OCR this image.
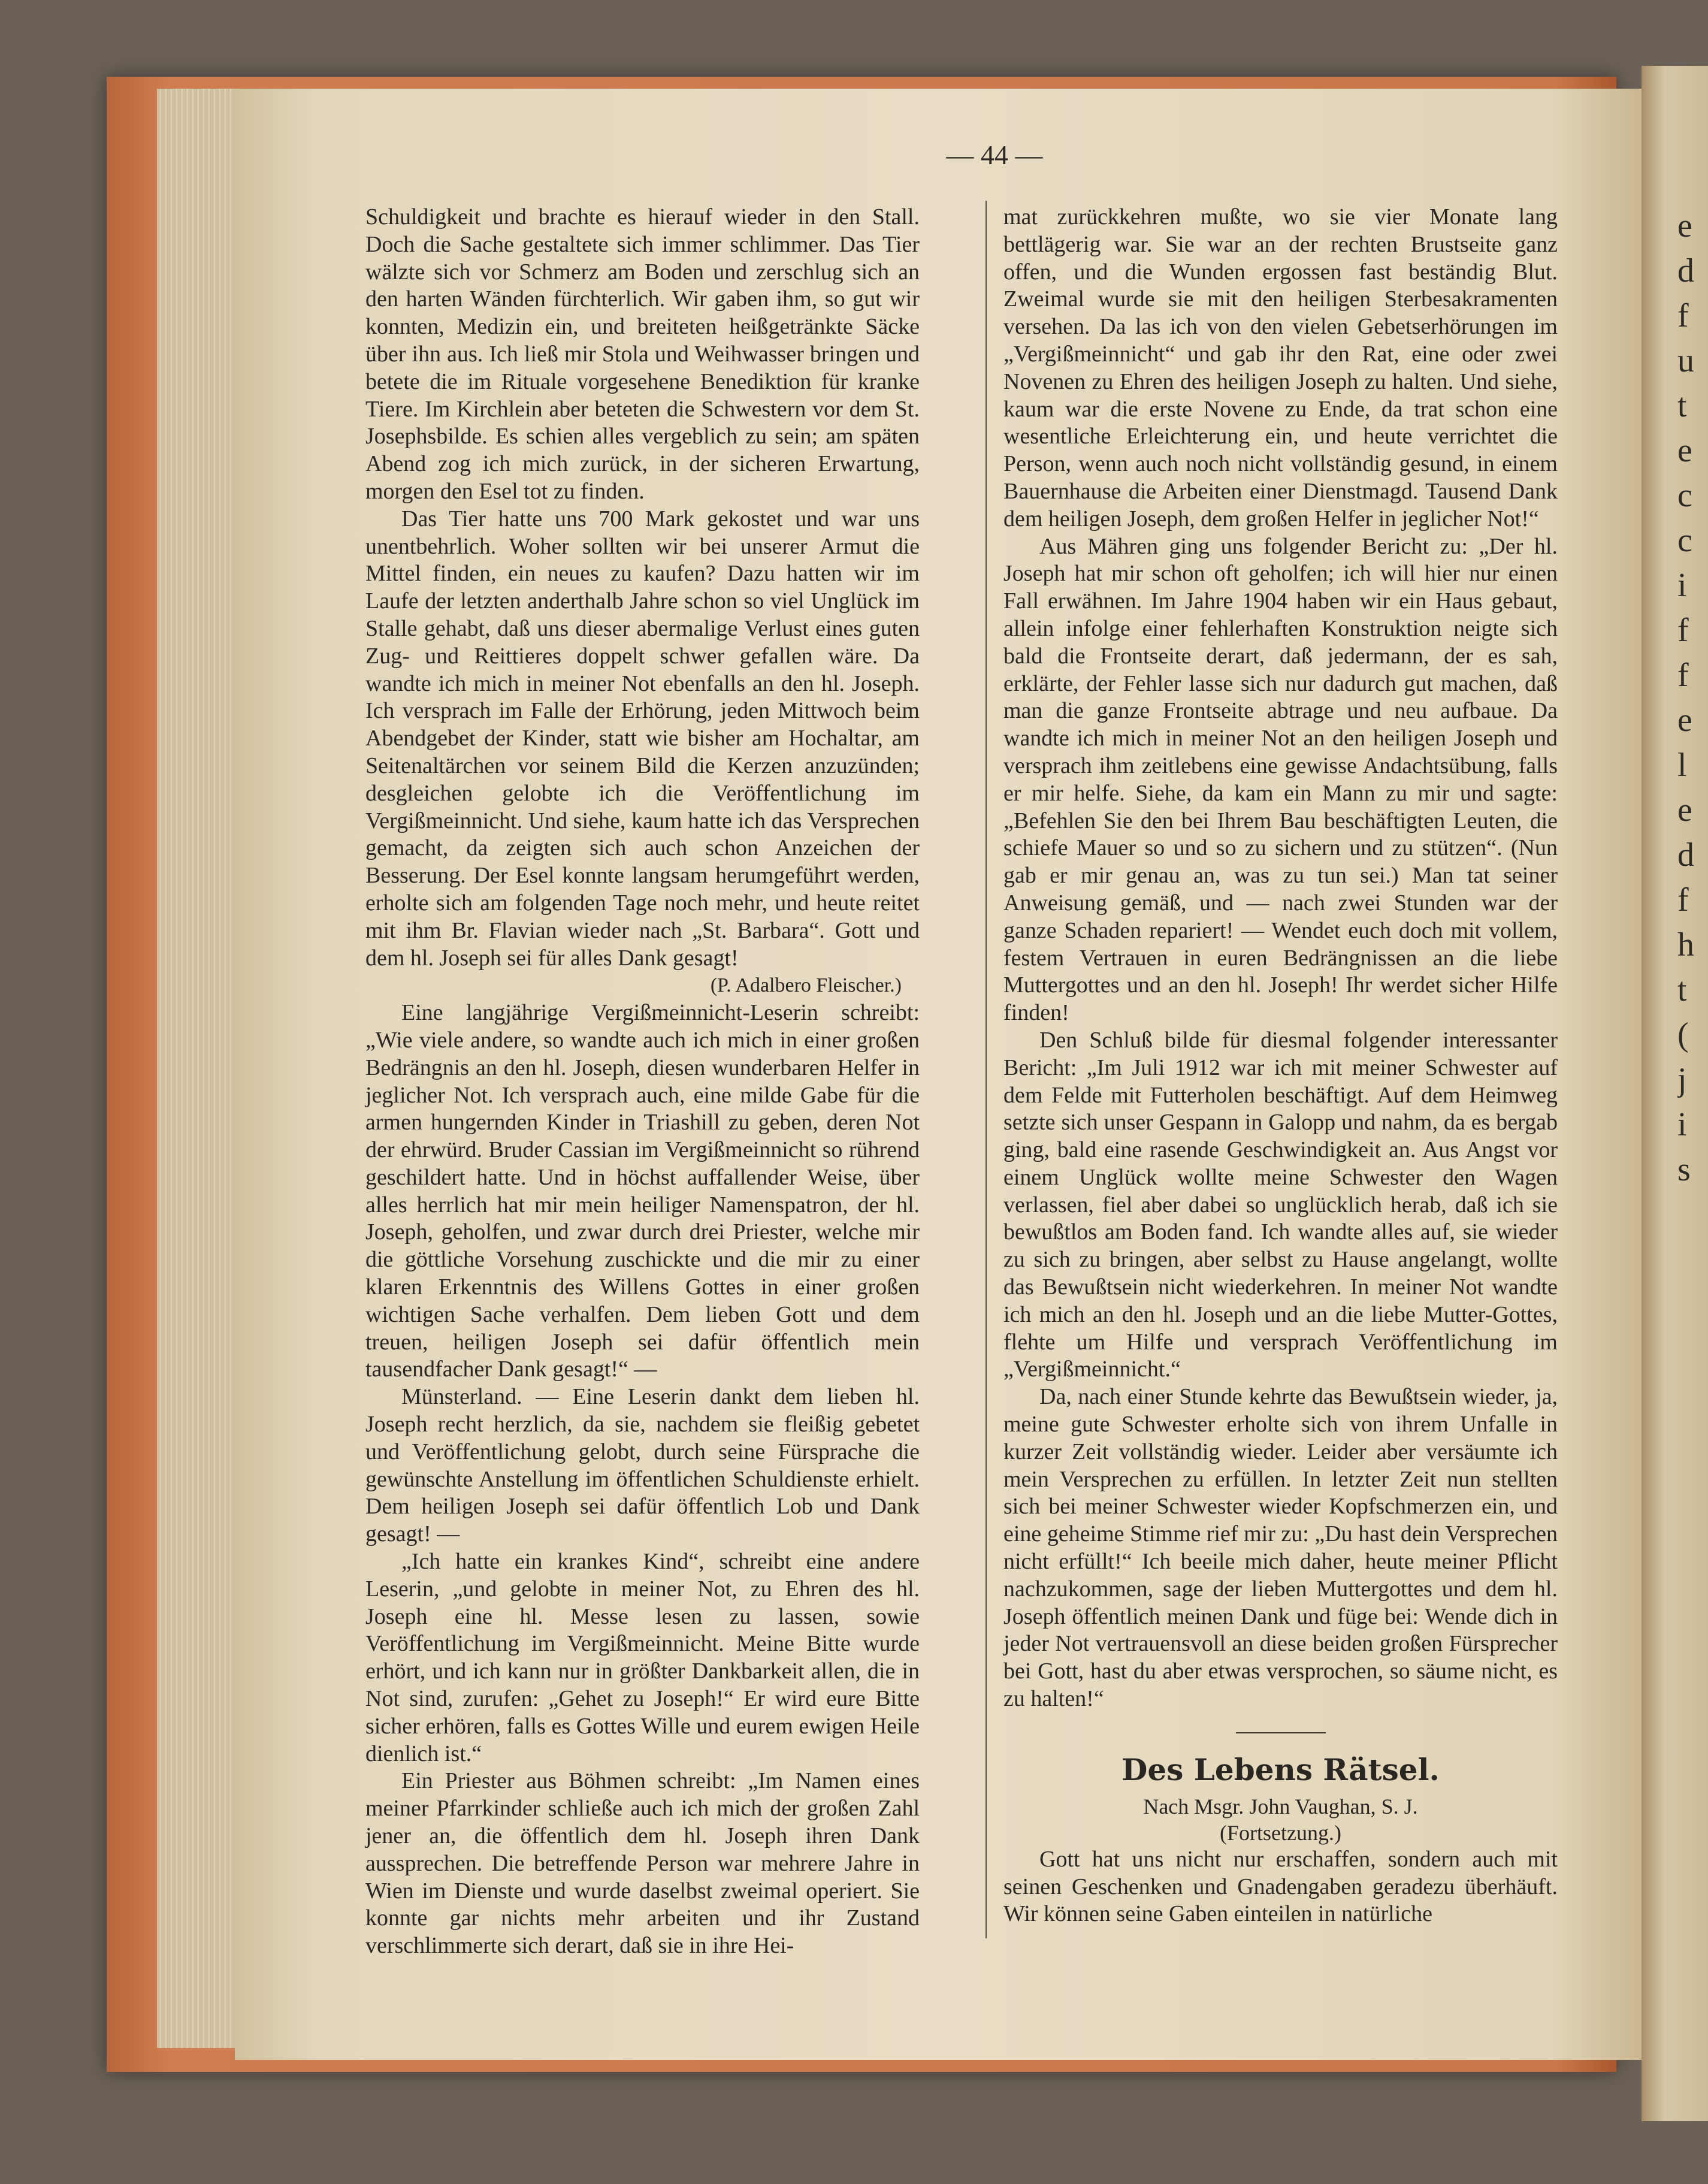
e
d
f
u
t
e
c
c
i
f
f
e
l
e
d
f
h
t
(
j
i
s
— 44 —

Schuldigkeit und brachte es hierauf wieder in den Stall. Doch die Sache gestaltete sich immer schlimmer. Das Tier wälzte sich vor Schmerz am Boden und zerschlug sich an den harten Wänden fürchterlich. Wir gaben ihm, so gut wir konnten, Medizin ein, und breiteten heißgetränkte Säcke über ihn aus. Ich ließ mir Stola und Weihwasser bringen und betete die im Rituale vorgesehene Benediktion für kranke Tiere. Im Kirchlein aber beteten die Schwestern vor dem St. Josephsbilde. Es schien alles vergeblich zu sein; am späten Abend zog ich mich zurück, in der sicheren Erwartung, morgen den Esel tot zu finden.

Das Tier hatte uns 700 Mark gekostet und war uns unentbehrlich. Woher sollten wir bei unserer Armut die Mittel finden, ein neues zu kaufen? Dazu hatten wir im Laufe der letzten anderthalb Jahre schon so viel Unglück im Stalle gehabt, daß uns dieser abermalige Verlust eines guten Zug- und Reittieres doppelt schwer gefallen wäre. Da wandte ich mich in meiner Not ebenfalls an den hl. Joseph. Ich versprach im Falle der Erhörung, jeden Mittwoch beim Abendgebet der Kinder, statt wie bisher am Hochaltar, am Seitenaltärchen vor seinem Bild die Kerzen anzuzünden; desgleichen gelobte ich die Veröffentlichung im Vergißmeinnicht. Und siehe, kaum hatte ich das Versprechen gemacht, da zeigten sich auch schon Anzeichen der Besserung. Der Esel konnte langsam herumgeführt werden, erholte sich am folgenden Tage noch mehr, und heute reitet mit ihm Br. Flavian wieder nach „St. Barbara“. Gott und dem hl. Joseph sei für alles Dank gesagt!

(P. Adalbero Fleischer.)

Eine langjährige Vergißmeinnicht-Leserin schreibt: „Wie viele andere, so wandte auch ich mich in einer großen Bedrängnis an den hl. Joseph, diesen wunderbaren Helfer in jeglicher Not. Ich versprach auch, eine milde Gabe für die armen hungernden Kinder in Triashill zu geben, deren Not der ehrwürd. Bruder Cassian im Vergißmeinnicht so rührend geschildert hatte. Und in höchst auffallender Weise, über alles herrlich hat mir mein heiliger Namenspatron, der hl. Joseph, geholfen, und zwar durch drei Priester, welche mir die göttliche Vorsehung zuschickte und die mir zu einer klaren Erkenntnis des Willens Gottes in einer großen wichtigen Sache verhalfen. Dem lieben Gott und dem treuen, heiligen Joseph sei dafür öffentlich mein tausendfacher Dank gesagt!“ —

Münsterland. — Eine Leserin dankt dem lieben hl. Joseph recht herzlich, da sie, nachdem sie fleißig gebetet und Veröffentlichung gelobt, durch seine Fürsprache die gewünschte Anstellung im öffentlichen Schuldienste erhielt. Dem heiligen Joseph sei dafür öffentlich Lob und Dank gesagt! —

„Ich hatte ein krankes Kind“, schreibt eine andere Leserin, „und gelobte in meiner Not, zu Ehren des hl. Joseph eine hl. Messe lesen zu lassen, sowie Veröffentlichung im Vergißmeinnicht. Meine Bitte wurde erhört, und ich kann nur in größter Dankbarkeit allen, die in Not sind, zurufen: „Gehet zu Joseph!“ Er wird eure Bitte sicher erhören, falls es Gottes Wille und eurem ewigen Heile dienlich ist.“

Ein Priester aus Böhmen schreibt: „Im Namen eines meiner Pfarrkinder schließe auch ich mich der großen Zahl jener an, die öffentlich dem hl. Joseph ihren Dank aussprechen. Die betreffende Person war mehrere Jahre in Wien im Dienste und wurde daselbst zweimal operiert. Sie konnte gar nichts mehr arbeiten und ihr Zustand verschlimmerte sich derart, daß sie in ihre Hei-

mat zurückkehren mußte, wo sie vier Monate lang bettlägerig war. Sie war an der rechten Brustseite ganz offen, und die Wunden ergossen fast beständig Blut. Zweimal wurde sie mit den heiligen Sterbesakramenten versehen. Da las ich von den vielen Gebetserhörungen im „Vergißmeinnicht“ und gab ihr den Rat, eine oder zwei Novenen zu Ehren des heiligen Joseph zu halten. Und siehe, kaum war die erste Novene zu Ende, da trat schon eine wesentliche Erleichterung ein, und heute verrichtet die Person, wenn auch noch nicht vollständig gesund, in einem Bauernhause die Arbeiten einer Dienstmagd. Tausend Dank dem heiligen Joseph, dem großen Helfer in jeglicher Not!“

Aus Mähren ging uns folgender Bericht zu: „Der hl. Joseph hat mir schon oft geholfen; ich will hier nur einen Fall erwähnen. Im Jahre 1904 haben wir ein Haus gebaut, allein infolge einer fehlerhaften Konstruktion neigte sich bald die Frontseite derart, daß jedermann, der es sah, erklärte, der Fehler lasse sich nur dadurch gut machen, daß man die ganze Frontseite abtrage und neu aufbaue. Da wandte ich mich in meiner Not an den heiligen Joseph und versprach ihm zeitlebens eine gewisse Andachtsübung, falls er mir helfe. Siehe, da kam ein Mann zu mir und sagte: „Befehlen Sie den bei Ihrem Bau beschäftigten Leuten, die schiefe Mauer so und so zu sichern und zu stützen“. (Nun gab er mir genau an, was zu tun sei.) Man tat seiner Anweisung gemäß, und — nach zwei Stunden war der ganze Schaden repariert! — Wendet euch doch mit vollem, festem Vertrauen in euren Bedrängnissen an die liebe Muttergottes und an den hl. Joseph! Ihr werdet sicher Hilfe finden!

Den Schluß bilde für diesmal folgender interessanter Bericht: „Im Juli 1912 war ich mit meiner Schwester auf dem Felde mit Futterholen beschäftigt. Auf dem Heimweg setzte sich unser Gespann in Galopp und nahm, da es bergab ging, bald eine rasende Geschwindigkeit an. Aus Angst vor einem Unglück wollte meine Schwester den Wagen verlassen, fiel aber dabei so unglücklich herab, daß ich sie bewußtlos am Boden fand. Ich wandte alles auf, sie wieder zu sich zu bringen, aber selbst zu Hause angelangt, wollte das Bewußtsein nicht wiederkehren. In meiner Not wandte ich mich an den hl. Joseph und an die liebe Mutter-Gottes, flehte um Hilfe und versprach Veröffentlichung im „Vergißmeinnicht.“

Da, nach einer Stunde kehrte das Bewußtsein wieder, ja, meine gute Schwester erholte sich von ihrem Unfalle in kurzer Zeit vollständig wieder. Leider aber versäumte ich mein Versprechen zu erfüllen. In letzter Zeit nun stellten sich bei meiner Schwester wieder Kopfschmerzen ein, und eine geheime Stimme rief mir zu: „Du hast dein Versprechen nicht erfüllt!“ Ich beeile mich daher, heute meiner Pflicht nachzukommen, sage der lieben Muttergottes und dem hl. Joseph öffentlich meinen Dank und füge bei: Wende dich in jeder Not vertrauensvoll an diese beiden großen Fürsprecher bei Gott, hast du aber etwas versprochen, so säume nicht, es zu halten!“

Des Lebens Rätsel.
Nach Msgr. John Vaughan, S. J.
(Fortsetzung.)

Gott hat uns nicht nur erschaffen, sondern auch mit seinen Geschenken und Gnadengaben geradezu überhäuft. Wir können seine Gaben einteilen in natürliche
